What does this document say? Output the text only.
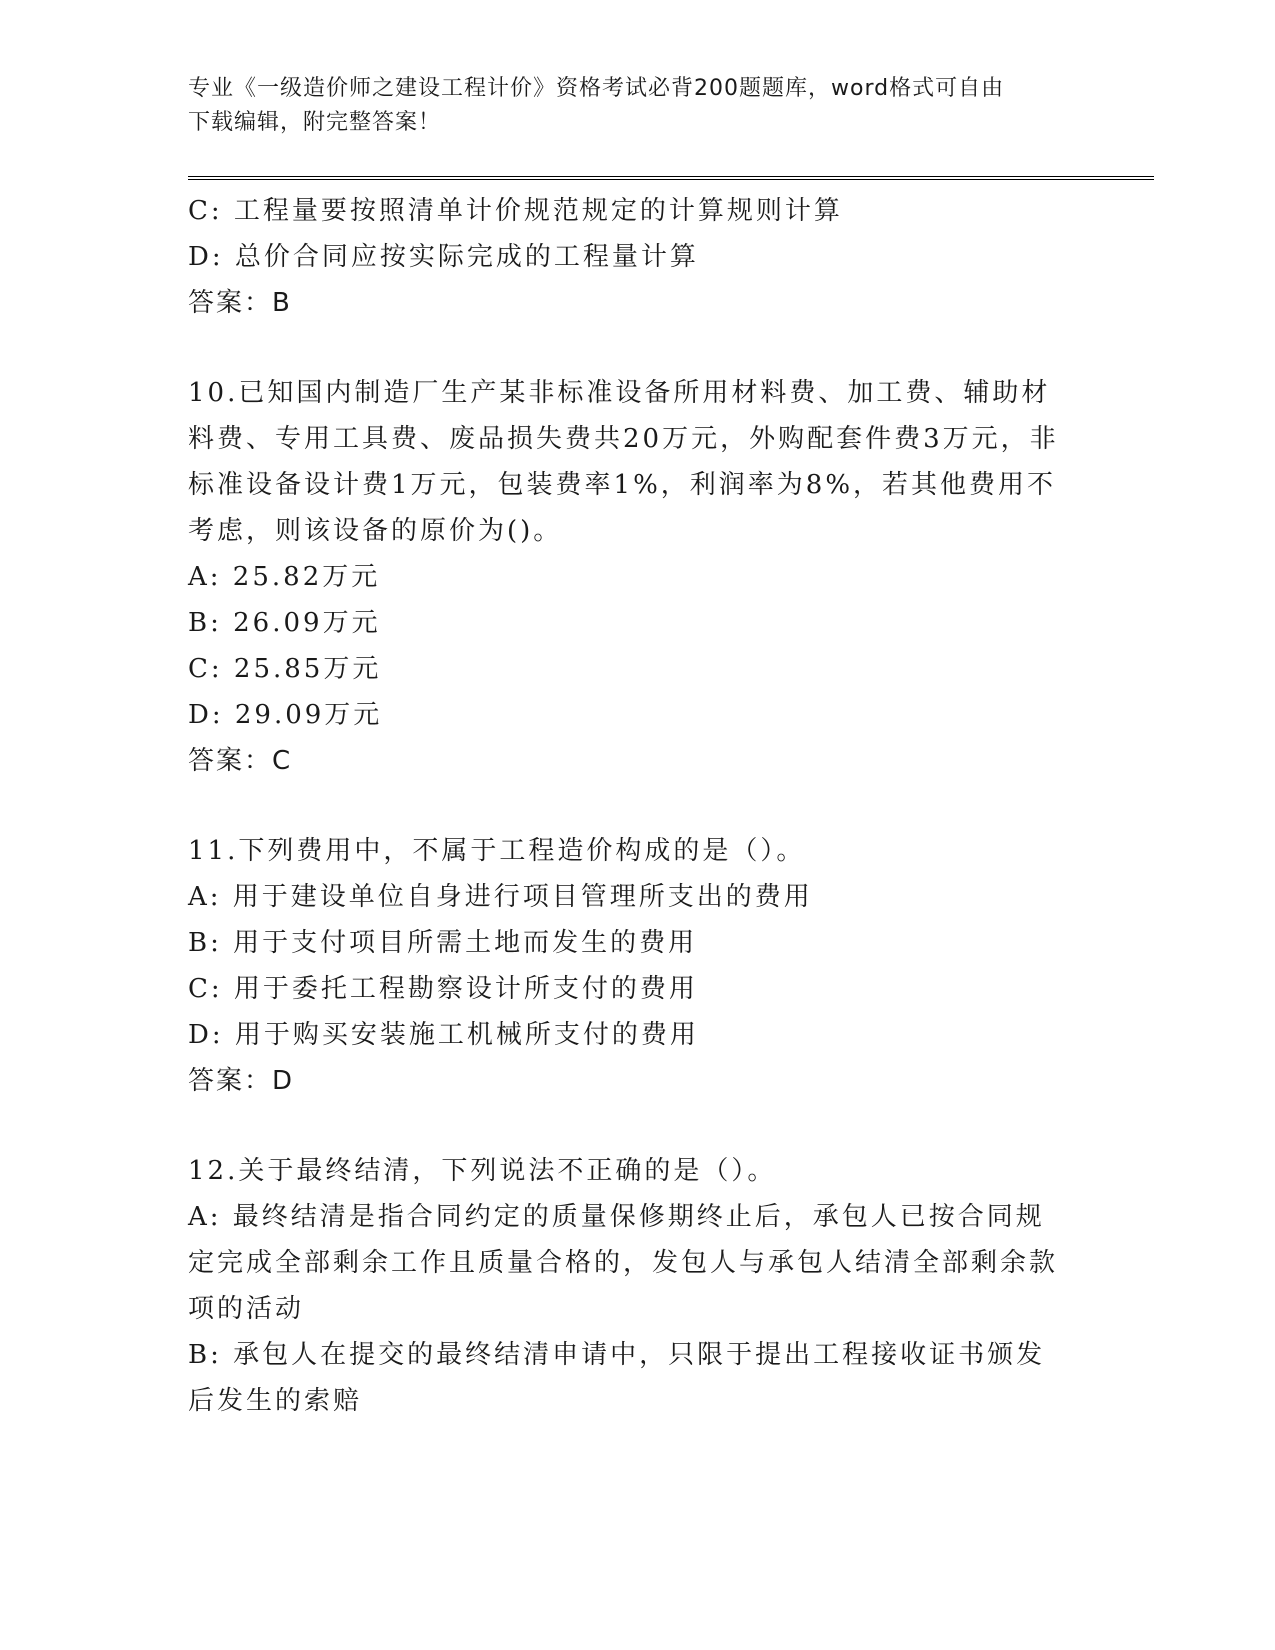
专业《一级造价师之建设工程计价》资格考试必背200题题库，word格式可自由
下载编辑，附完整答案！
C: 工程量要按照清单计价规范规定的计算规则计算
D: 总价合同应按实际完成的工程量计算
答案：B
10.已知国内制造厂生产某非标准设备所用材料费、加工费、辅助材料费、专用工具费、废品损失费共20万元，外购配套件费3万元，非标准设备设计费1万元，包装费率1%，利润率为8%，若其他费用不考虑，则该设备的原价为()。
A: 25.82万元
B: 26.09万元
C: 25.85万元
D: 29.09万元
答案：C
11.下列费用中，不属于工程造价构成的是（）。
A: 用于建设单位自身进行项目管理所支出的费用
B: 用于支付项目所需土地而发生的费用
C: 用于委托工程勘察设计所支付的费用
D: 用于购买安装施工机械所支付的费用
答案：D
12.关于最终结清，下列说法不正确的是（）。
A: 最终结清是指合同约定的质量保修期终止后，承包人已按合同规定完成全部剩余工作且质量合格的，发包人与承包人结清全部剩余款项的活动
B: 承包人在提交的最终结清申请中，只限于提出工程接收证书颁发后发生的索赔
